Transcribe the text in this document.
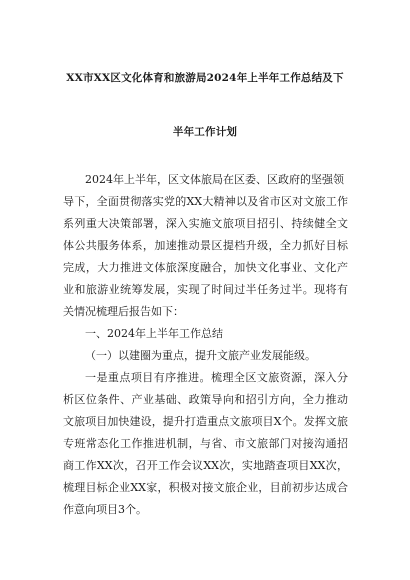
XX市XX区文化体育和旅游局2024年上半年工作总结及下
半年工作计划
2024年上半年，区文体旅局在区委、区政府的坚强领
导下，全面贯彻落实党的XX大精神以及省市区对文旅工作
系列重大决策部署，深入实施文旅项目招引、持续健全文
体公共服务体系，加速推动景区提档升级，全力抓好目标
完成，大力推进文体旅深度融合，加快文化事业、文化产
业和旅游业统筹发展，实现了时间过半任务过半。现将有
关情况梳理后报告如下：
一、2024年上半年工作总结
（一）以建圈为重点，提升文旅产业发展能级。
一是重点项目有序推进。梳理全区文旅资源，深入分
析区位条件、产业基础、政策导向和招引方向，全力推动
文旅项目加快建设，提升打造重点文旅项目X个。发挥文旅
专班常态化工作推进机制，与省、市文旅部门对接沟通招
商工作XX次，召开工作会议XX次，实地踏查项目XX次，
梳理目标企业XX家，积极对接文旅企业，目前初步达成合
作意向项目3个。
